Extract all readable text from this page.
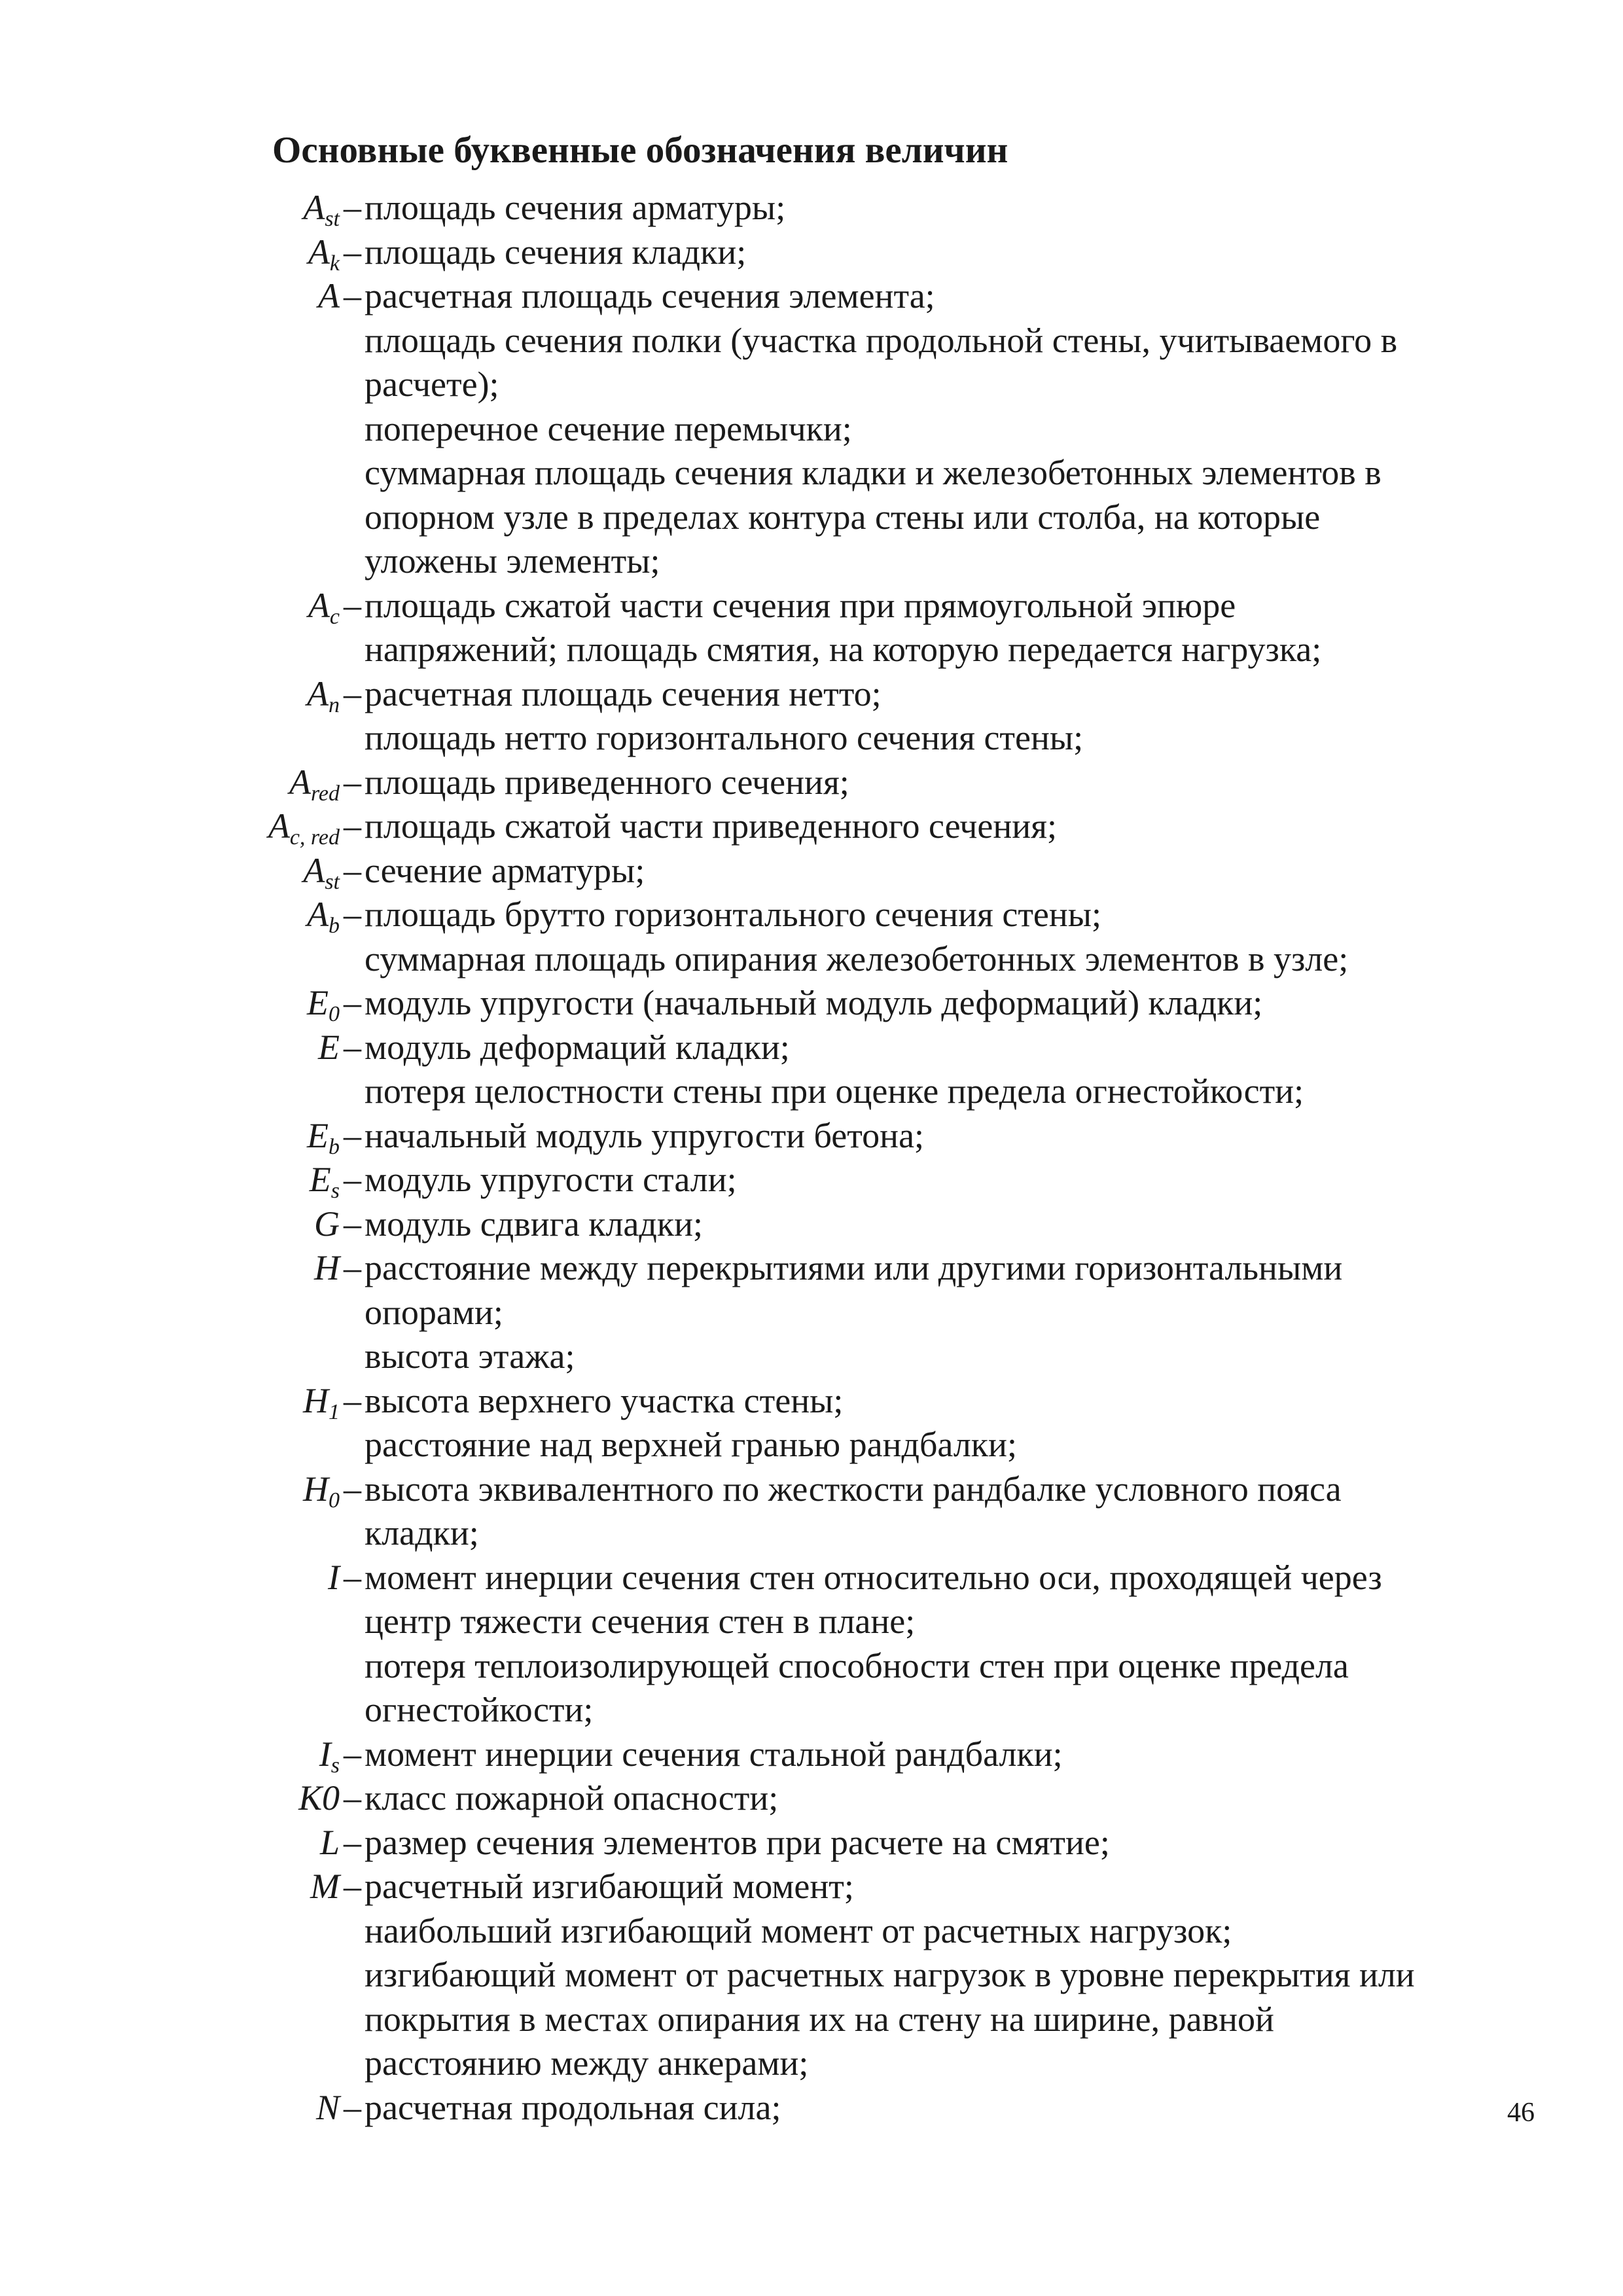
Основные буквенные обозначения величин
$A_{st}$ – площадь сечения арматуры;
$A_k$ – площадь сечения кладки;
A – расчетная площадь сечения элемента;
площадь сечения полки (участка продольной стены, учитываемого в
расчете);
поперечное сечение перемычки;
суммарная площадь сечения кладки и железобетонных элементов в
опорном узле в пределах контура стены или столба, на которые
уложены элементы;
$A_c$ – площадь сжатой части сечения при прямоугольной эпюре
напряжений; площадь смятия, на которую передается нагрузка;
$A_n$ – расчетная площадь сечения нетто;
площадь нетто горизонтального сечения стены;
$A_{red}$ – площадь приведенного сечения;
$A_{c, red}$ – площадь сжатой части приведенного сечения;
$A_{st}$ – сечение арматуры;
$A_b$ – площадь брутто горизонтального сечения стены;
суммарная площадь опирания железобетонных элементов в узле;
$E_0$ – модуль упругости (начальный модуль деформаций) кладки;
E – модуль деформаций кладки;
потеря целостности стены при оценке предела огнестойкости;
$E_b$ – начальный модуль упругости бетона;
$E_s$ – модуль упругости стали;
G – модуль сдвига кладки;
H – расстояние между перекрытиями или другими горизонтальными
опорами;
высота этажа;
$H_1$ – высота верхнего участка стены;
расстояние над верхней гранью рандбалки;
$H_0$ – высота эквивалентного по жесткости рандбалке условного пояса
кладки;
I – момент инерции сечения стен относительно оси, проходящей через
центр тяжести сечения стен в плане;
потеря теплоизолирующей способности стен при оценке предела
огнестойкости;
$I_s$ – момент инерции сечения стальной рандбалки;
К0 – класс пожарной опасности;
L – размер сечения элементов при расчете на смятие;
M – расчетный изгибающий момент;
наибольший изгибающий момент от расчетных нагрузок;
изгибающий момент от расчетных нагрузок в уровне перекрытия или
покрытия в местах опирания их на стену на ширине, равной
расстоянию между анкерами;
N – расчетная продольная сила;	46
